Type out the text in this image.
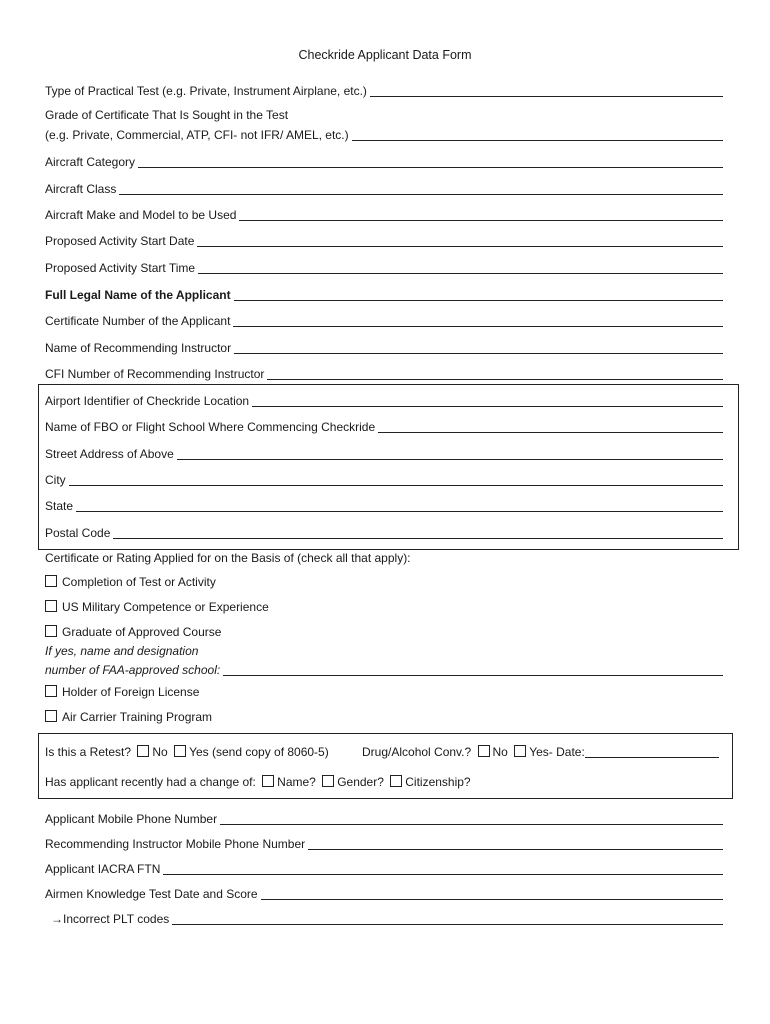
Checkride Applicant Data Form
Type of Practical Test (e.g. Private, Instrument Airplane, etc.)
Grade of Certificate That Is Sought in the Test
(e.g. Private, Commercial, ATP, CFI- not IFR/ AMEL, etc.)
Aircraft Category
Aircraft Class
Aircraft Make and Model to be Used
Proposed Activity Start Date
Proposed Activity Start Time
Full Legal Name of the Applicant
Certificate Number of the Applicant
Name of Recommending Instructor
CFI Number of Recommending Instructor
Airport Identifier of Checkride Location
Name of FBO or Flight School Where Commencing Checkride
Street Address of Above
City
State
Postal Code
Certificate or Rating Applied for on the Basis of (check all that apply):
Completion of Test or Activity
US Military Competence or Experience
Graduate of Approved Course
If yes, name and designation
number of FAA-approved school:
Holder of Foreign License
Air Carrier Training Program
Is this a Retest? No Yes (send copy of 8060-5)	Drug/Alcohol Conv.? No Yes- Date:
Has applicant recently had a change of: Name? Gender? Citizenship?
Applicant Mobile Phone Number
Recommending Instructor Mobile Phone Number
Applicant IACRA FTN
Airmen Knowledge Test Date and Score
→Incorrect PLT codes
